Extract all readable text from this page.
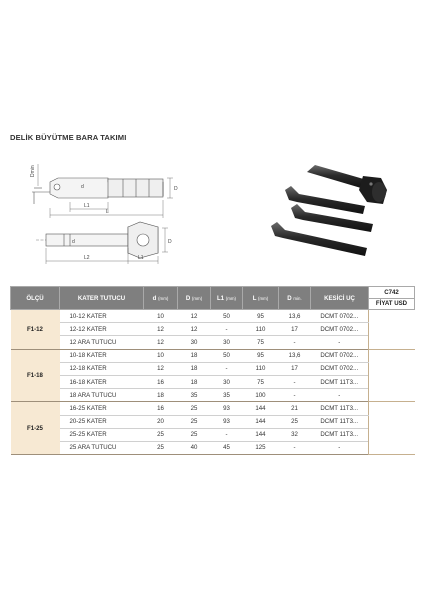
DELİK BÜYÜTME BARA TAKIMI
Dmin
d	D
L1
L
d	D
L2	L1
ÖLÇÜ	KATER TUTUCU	d (mm)	D (mm)	L1 (mm)	L (mm)	D min.	KESİCİ UÇ	C742
FİYAT USD

F1-12	10-12 KATER	10	12	50	95	13,6	DCMT 0702...	
	12-12 KATER	12	12	-	110	17	DCMT 0702...	
	12 ARA TUTUCU	12	30	30	75	-	-	
F1-18	10-18 KATER	10	18	50	95	13,6	DCMT 0702...	
	12-18 KATER	12	18	-	110	17	DCMT 0702...	
	16-18 KATER	16	18	30	75	-	DCMT 11T3...	
	18 ARA TUTUCU	18	35	35	100	-	-	
F1-25	16-25 KATER	16	25	93	144	21	DCMT 11T3...	
	20-25 KATER	20	25	93	144	25	DCMT 11T3...	
	25-25 KATER	25	25	-	144	32	DCMT 11T3...	
	25 ARA TUTUCU	25	40	45	125	-	-	
